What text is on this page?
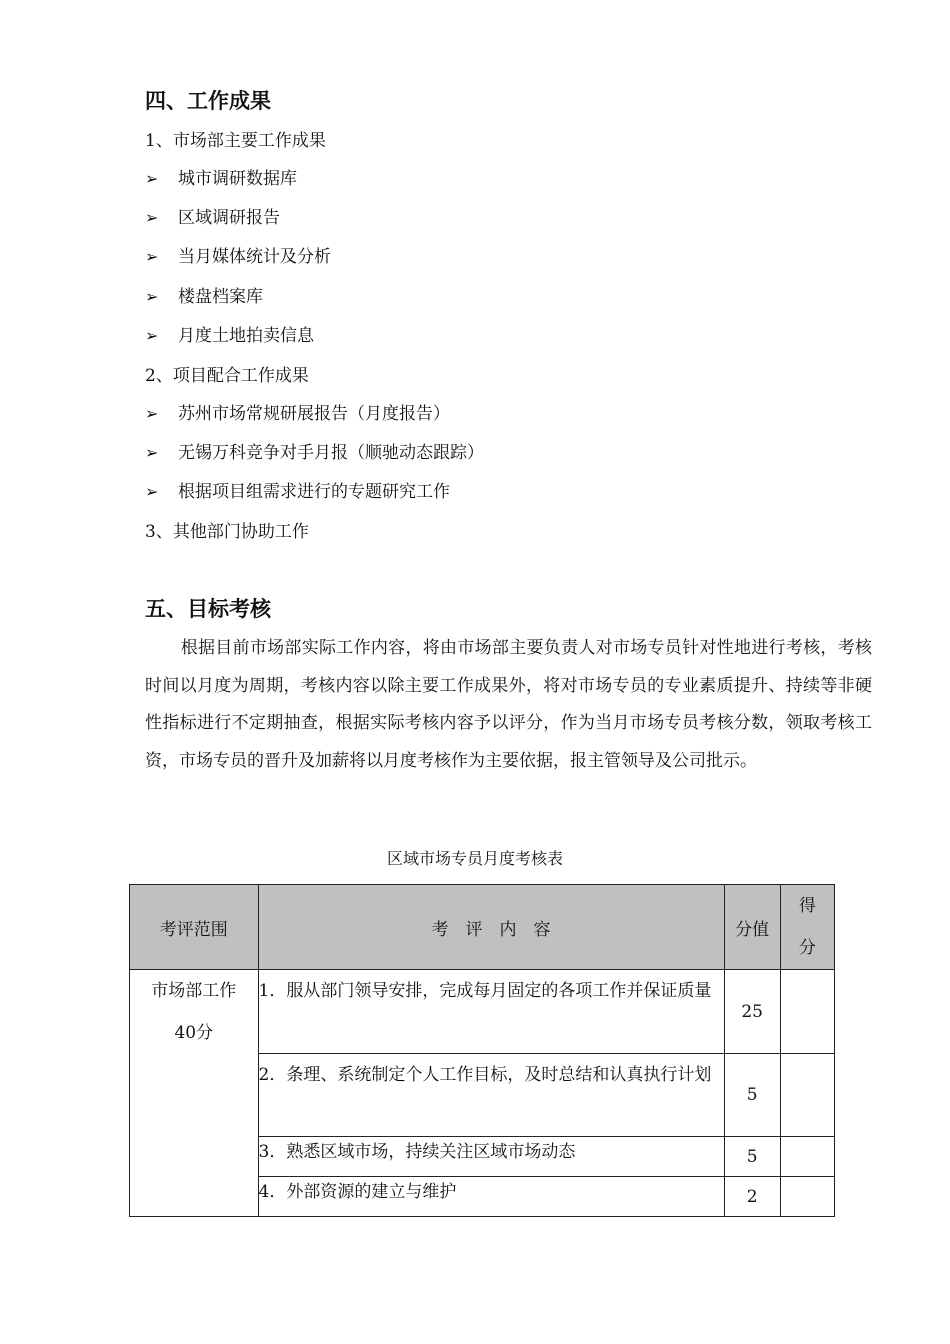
四、工作成果
1、市场部主要工作成果
➢ 城市调研数据库
➢ 区域调研报告
➢ 当月媒体统计及分析
➢ 楼盘档案库
➢ 月度土地拍卖信息
2、项目配合工作成果
➢ 苏州市场常规研展报告（月度报告）
➢ 无锡万科竞争对手月报（顺驰动态跟踪）
➢ 根据项目组需求进行的专题研究工作
3、其他部门协助工作
五、目标考核

根据目前市场部实际工作内容，将由市场部主要负责人对市场专员针对性地进行考核，考核时间以月度为周期，考核内容以除主要工作成果外，将对市场专员的专业素质提升、持续等非硬性指标进行不定期抽查，根据实际考核内容予以评分，作为当月市场专员考核分数，领取考核工资，市场专员的晋升及加薪将以月度考核作为主要依据，报主管领导及公司批示。

区域市场专员月度考核表
考评范围	考　评　内　容	分值	得
分

市场部工作
40分	1．服从部门领导安排，完成每月固定的各项工作并保证质量	25	
	2．条理、系统制定个人工作目标，及时总结和认真执行计划	5	
	3．熟悉区域市场，持续关注区域市场动态	5	
	4．外部资源的建立与维护	2	
